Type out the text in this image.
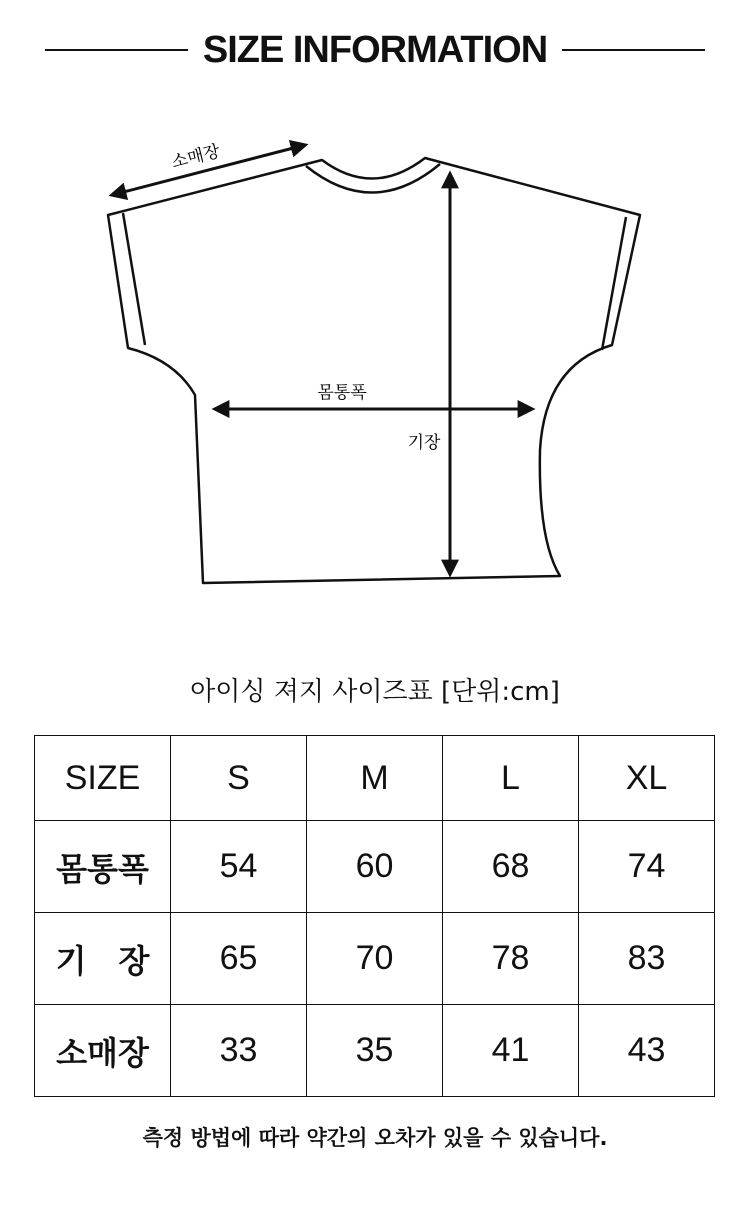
SIZE INFORMATION
소매장
몸통폭
기장
아이싱 져지 사이즈표 [단위:cm]
SIZE	S	M	L	XL
몸통폭	54	60	68	74
기　장	65	70	78	83
소매장	33	35	41	43
측정 방법에 따라 약간의 오차가 있을 수 있습니다.
